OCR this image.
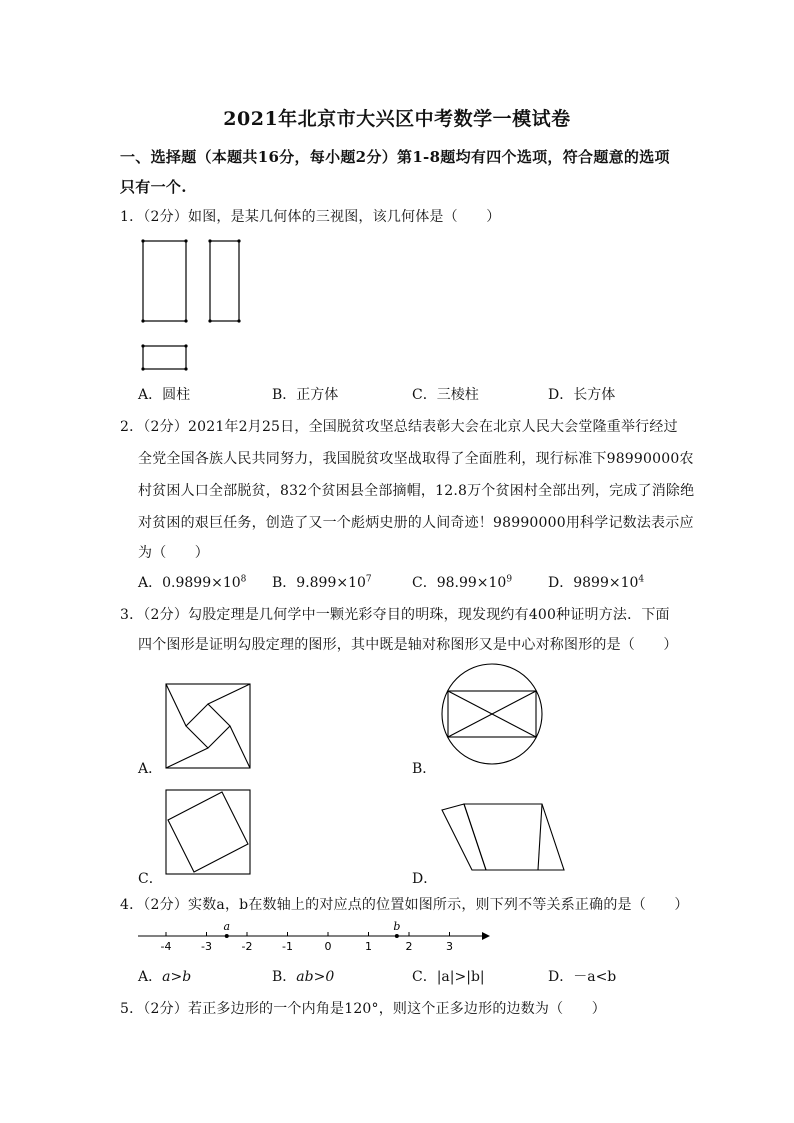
2021年北京市大兴区中考数学一模试卷
一、选择题（本题共16分，每小题2分）第1-8题均有四个选项，符合题意的选项只有一个.
1．（2分）如图，是某几何体的三视图，该几何体是（　　）
A．圆柱	B．正方体	C．三棱柱	D．长方体
2．（2分）2021年2月25日，全国脱贫攻坚总结表彰大会在北京人民大会堂隆重举行经过
全党全国各族人民共同努力，我国脱贫攻坚战取得了全面胜利，现行标准下98990000农
村贫困人口全部脱贫，832个贫困县全部摘帽，12.8万个贫困村全部出列，完成了消除绝
对贫困的艰巨任务，创造了又一个彪炳史册的人间奇迹！98990000用科学记数法表示应
为（　　）
A．$0.9899\times 10^8$ B．$9.899\times 10^7$	C．$98.99\times 10^9$	D．$9899\times 10^4$
3．（2分）勾股定理是几何学中一颗光彩夺目的明珠，现发现约有400种证明方法．下面
四个图形是证明勾股定理的图形，其中既是轴对称图形又是中心对称图形的是（　　）
A．	B．
C．	D．
4．（2分）实数a，b在数轴上的对应点的位置如图所示，则下列不等关系正确的是（　　）
-4	-3	-2	-1	0	1	2	3
a	b
A．a>b	B．ab>0	C．|a|>|b|	D．－a<b
5．（2分）若正多边形的一个内角是120°，则这个正多边形的边数为（　　）
